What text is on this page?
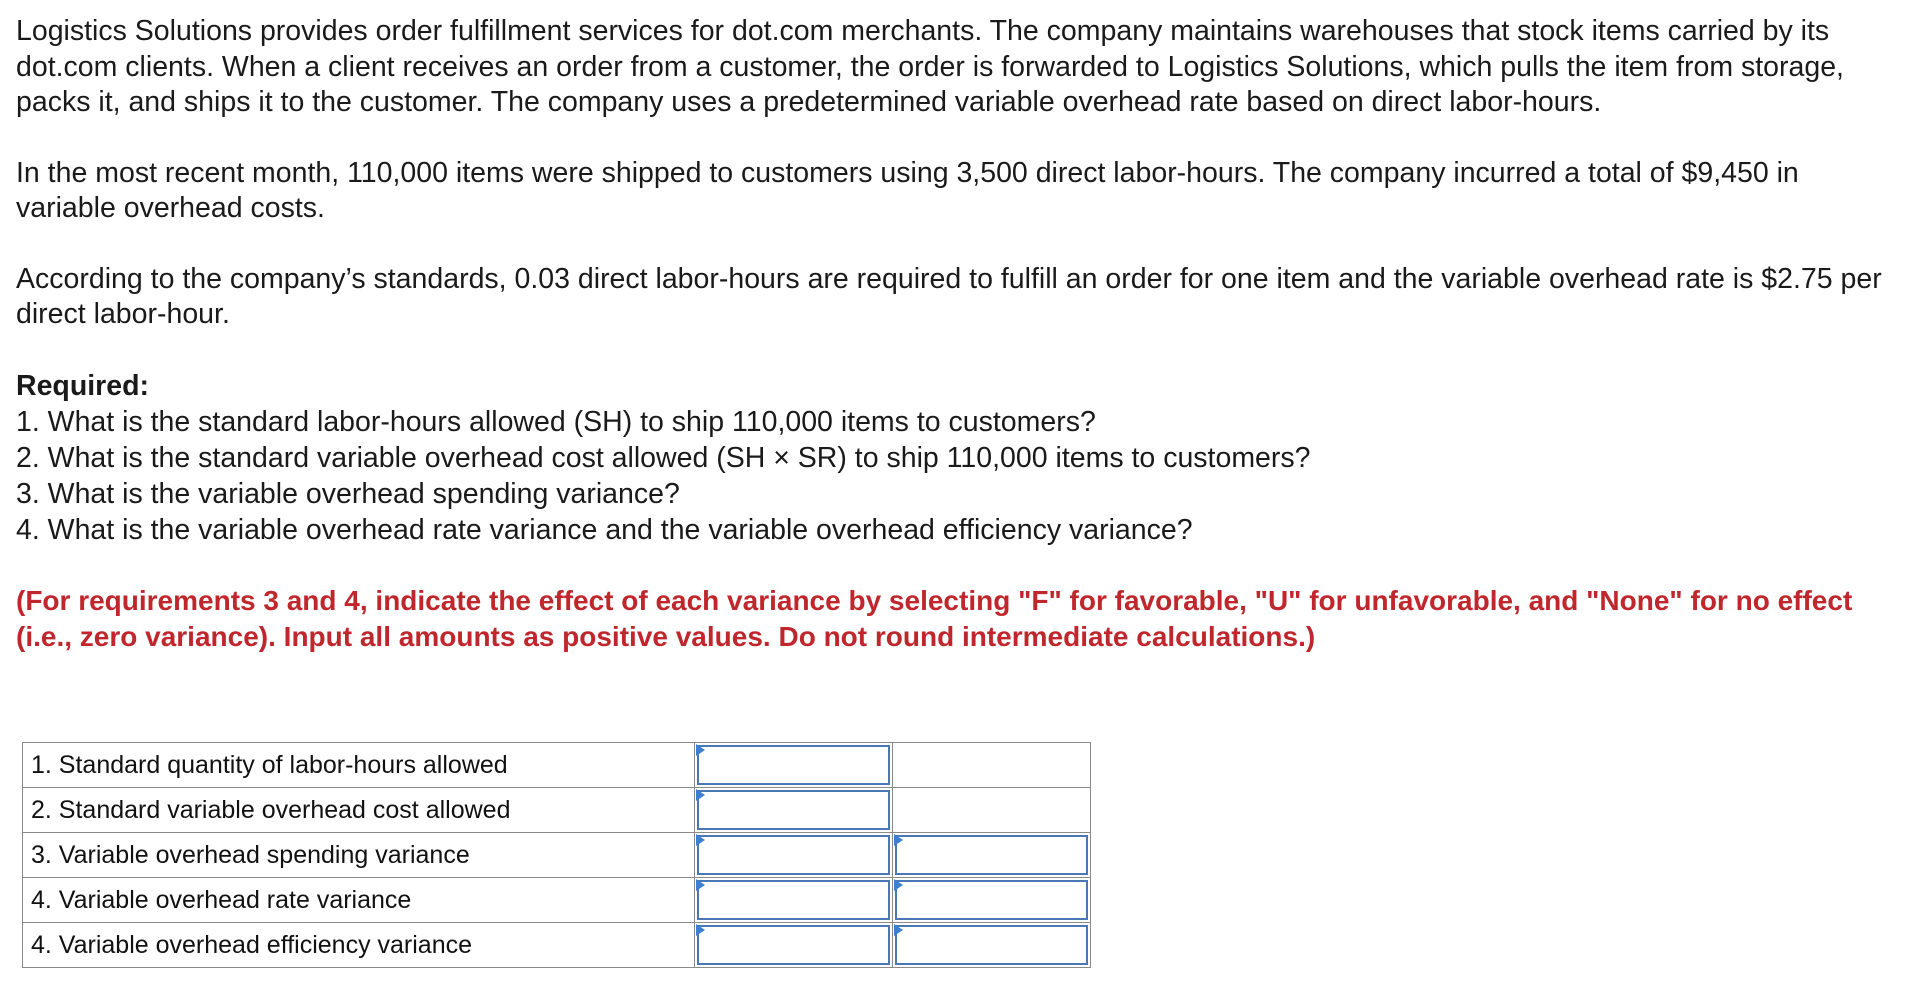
Logistics Solutions provides order fulfillment services for dot.com merchants. The company maintains warehouses that stock items carried by its dot.com clients. When a client receives an order from a customer, the order is forwarded to Logistics Solutions, which pulls the item from storage, packs it, and ships it to the customer. The company uses a predetermined variable overhead rate based on direct labor-hours.

In the most recent month, 110,000 items were shipped to customers using 3,500 direct labor-hours. The company incurred a total of $9,450 in variable overhead costs.

According to the company’s standards, 0.03 direct labor-hours are required to fulfill an order for one item and the variable overhead rate is $2.75 per direct labor-hour.

Required:
1. What is the standard labor-hours allowed (SH) to ship 110,000 items to customers?
2. What is the standard variable overhead cost allowed (SH × SR) to ship 110,000 items to customers?
3. What is the variable overhead spending variance?
4. What is the variable overhead rate variance and the variable overhead efficiency variance?

(For requirements 3 and 4, indicate the effect of each variance by selecting "F" for favorable, "U" for unfavorable, and "None" for no effect (i.e., zero variance). Input all amounts as positive values. Do not round intermediate calculations.)

1. Standard quantity of labor-hours allowed	

2. Standard variable overhead cost allowed	

3. Variable overhead spending variance	

4. Variable overhead rate variance	

4. Variable overhead efficiency variance	
